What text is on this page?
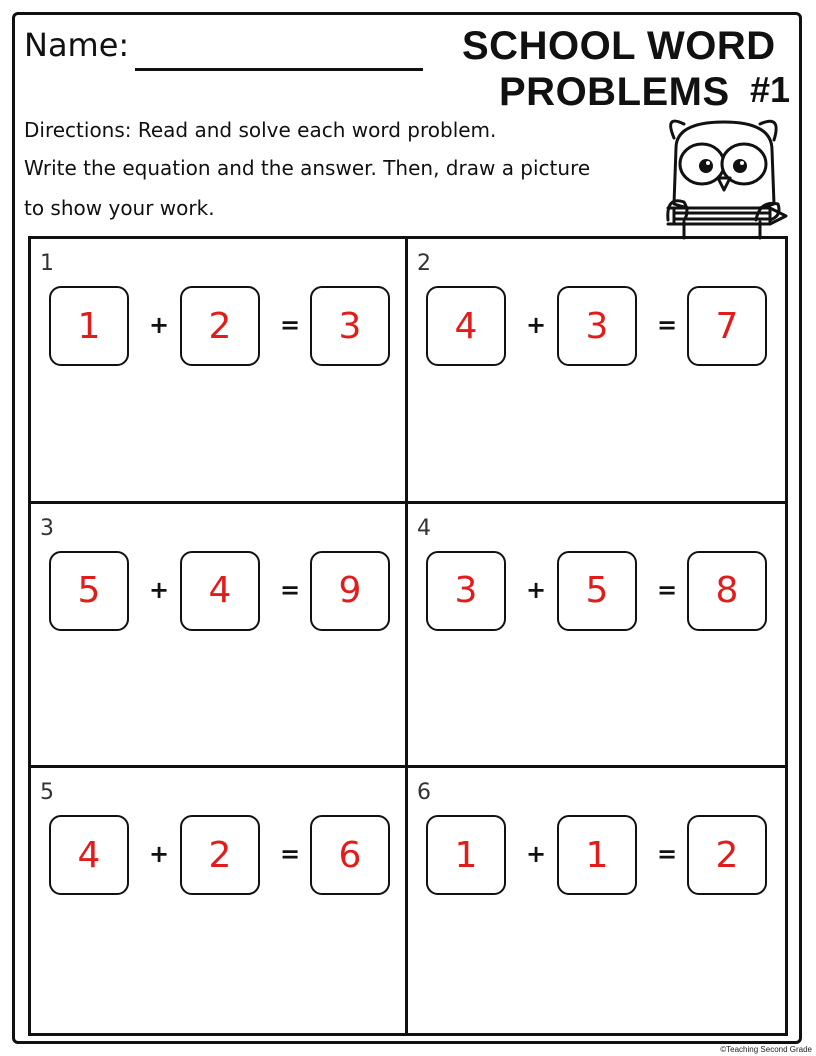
Name:	SCHOOL WORD
PROBLEMS #1
Directions: Read and solve each word problem.
Write the equation and the answer. Then, draw a picture
to show your work.
1
1	+	2	=	3
2
4	+	3	=	7
3
5	+	4	=	9
4
3	+	5	=	8
5
4	+	2	=	6
6
1	+	1	=	2
©Teaching Second Grade
